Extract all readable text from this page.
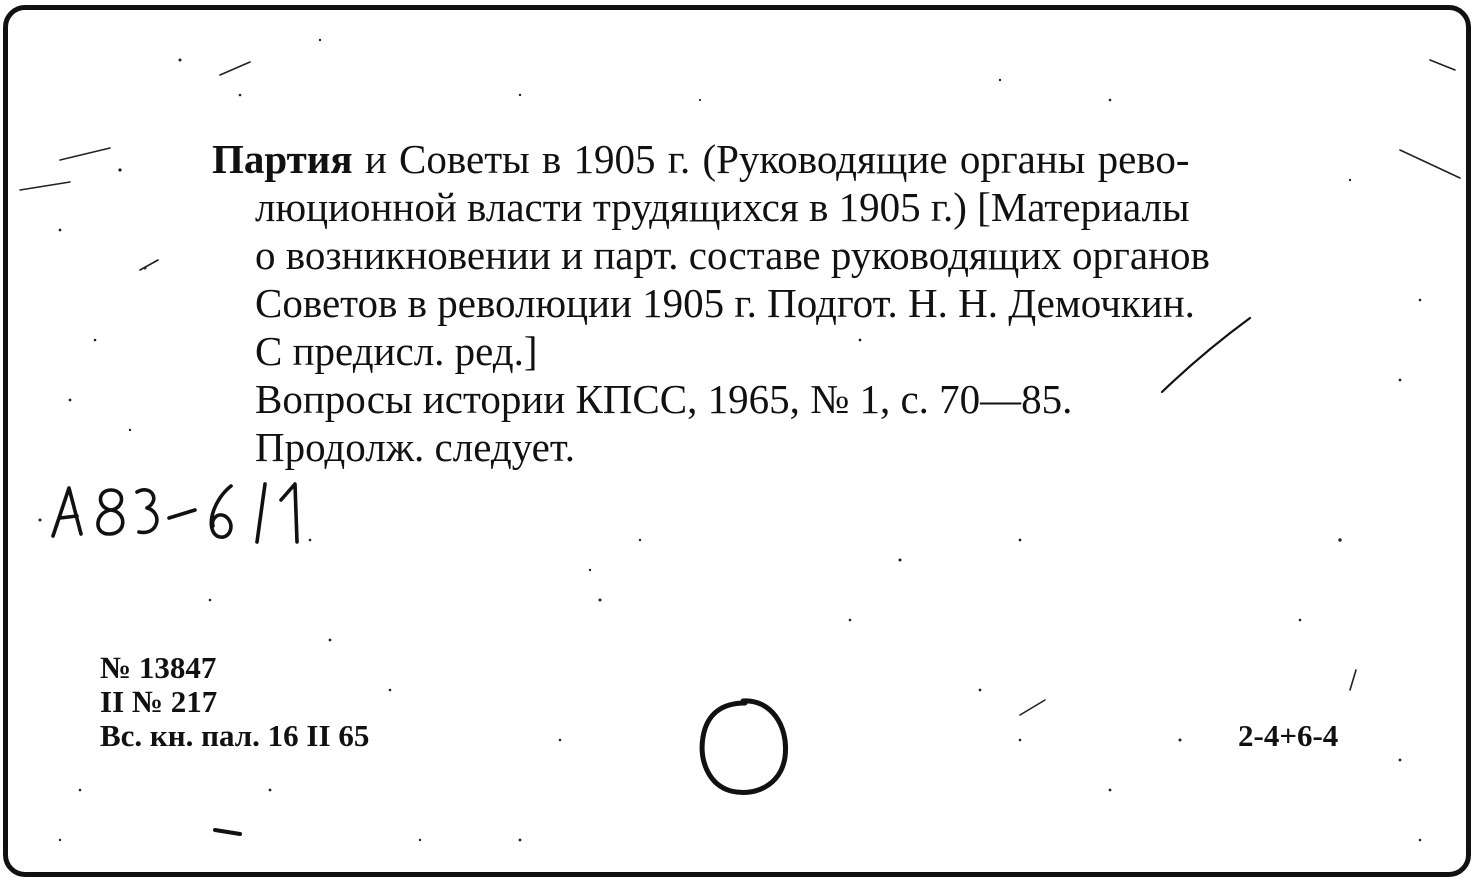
Партия и Советы в 1905 г. (Руководящие органы рево-
люционной власти трудящихся в 1905 г.) [Материалы
о возникновении и парт. составе руководящих органов
Советов в революции 1905 г. Подгот. Н. Н. Демочкин.
С предисл. ред.]
Вопросы истории КПСС, 1965, № 1, с. 70—85.
Продолж. следует.
А 83-6/1
№ 13847
II № 217
Вс. кн. пал. 16 II 65	2-4+6-4
